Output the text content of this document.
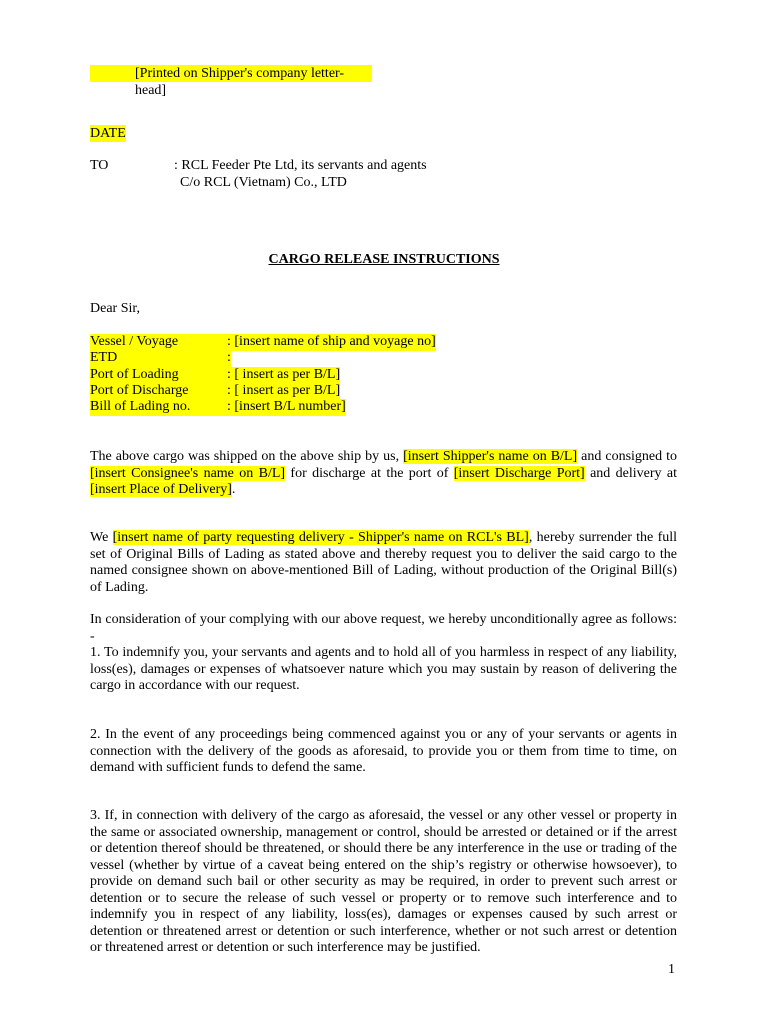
[Printed on Shipper's company letter-head]
DATE
TO	: RCL Feeder Pte Ltd, its servants and agents
C/o RCL (Vietnam) Co., LTD
CARGO RELEASE INSTRUCTIONS
Dear Sir,
Vessel / Voyage	: [insert name of ship and voyage no]
ETD	:
Port of Loading	: [ insert as per B/L]
Port of Discharge	: [ insert as per B/L]
Bill of Lading no.	: [insert B/L number]
The above cargo was shipped on the above ship by us, [insert Shipper's name on B/L] and consigned to [insert Consignee's name on B/L] for discharge at the port of [insert Discharge Port] and delivery at [insert Place of Delivery].
We [insert name of party requesting delivery - Shipper's name on RCL's BL], hereby surrender the full set of Original Bills of Lading as stated above and thereby request you to deliver the said cargo to the named consignee shown on above-mentioned Bill of Lading, without production of the Original Bill(s) of Lading.
In consideration of your complying with our above request, we hereby unconditionally agree as follows: -
1. To indemnify you, your servants and agents and to hold all of you harmless in respect of any liability, loss(es), damages or expenses of whatsoever nature which you may sustain by reason of delivering the cargo in accordance with our request.
2. In the event of any proceedings being commenced against you or any of your servants or agents in connection with the delivery of the goods as aforesaid, to provide you or them from time to time, on demand with sufficient funds to defend the same.
3. If, in connection with delivery of the cargo as aforesaid, the vessel or any other vessel or property in the same or associated ownership, management or control, should be arrested or detained or if the arrest or detention thereof should be threatened, or should there be any interference in the use or trading of the vessel (whether by virtue of a caveat being entered on the ship’s registry or otherwise howsoever), to provide on demand such bail or other security as may be required, in order to prevent such arrest or detention or to secure the release of such vessel or property or to remove such interference and to indemnify you in respect of any liability, loss(es), damages or expenses caused by such arrest or detention or threatened arrest or detention or such interference, whether or not such arrest or detention or threatened arrest or detention or such interference may be justified.
1
